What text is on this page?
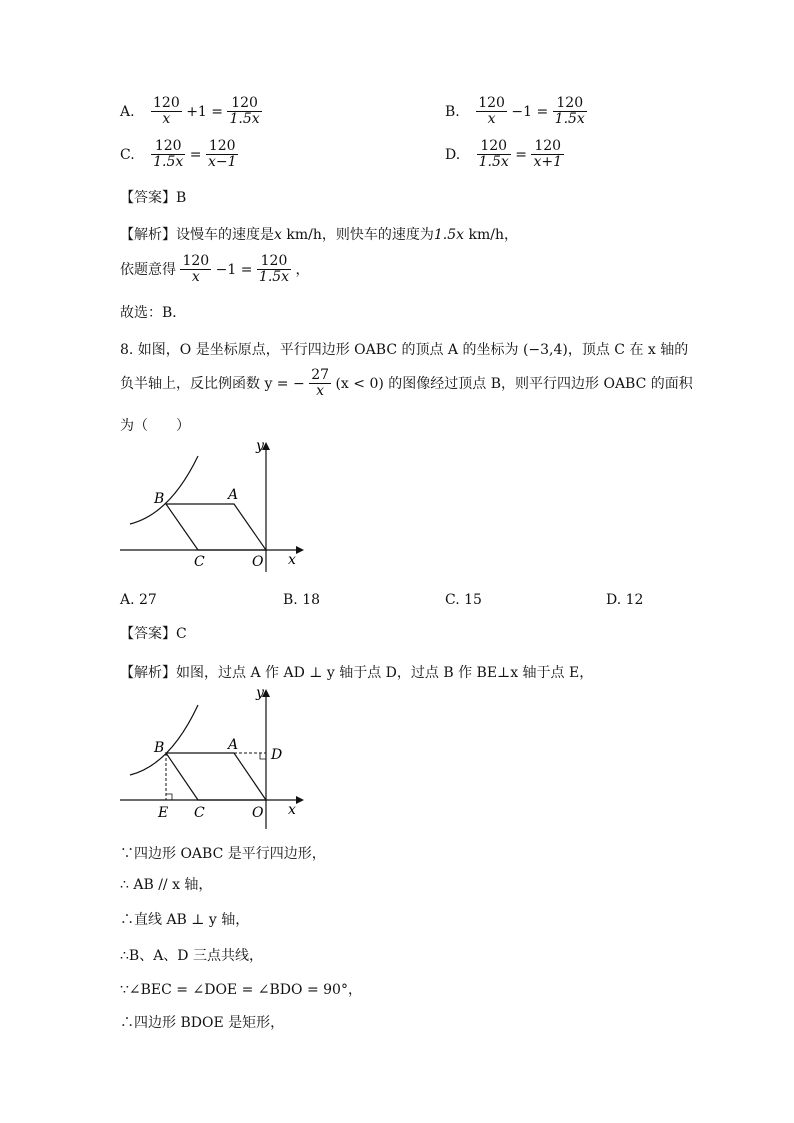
A. $\frac{120}{x} +1 = \frac{120}{1.5x}$	B. $\frac{120}{x} -1 = \frac{120}{1.5x}$
C. $\frac{120}{1.5x} = \frac{120}{x-1}$	D. $\frac{120}{1.5x} = \frac{120}{x+1}$
【答案】B
【解析】设慢车的速度是x km/h，则快车的速度为1.5x km/h，
依题意得 $\frac{120}{x} -1 = \frac{120}{1.5x}$ ，
故选：B．
8. 如图，O 是坐标原点，平行四边形 OABC 的顶点 A 的坐标为 (−3,4)，顶点 C 在 x 轴的
负半轴上，反比例函数 y = − $\frac{27}{x} (x < 0)$ 的图像经过顶点 B，则平行四边形 OABC 的面积
为（　　）
B	A
C	O x
y
A. 27	B. 18	C. 15	D. 12
【答案】C
【解析】如图，过点 A 作 AD ⊥ y 轴于点 D，过点 B 作 BE⊥x 轴于点 E，
B	A
D
E C	O x
y
∵四边形 OABC 是平行四边形，
∴ AB // x 轴，
∴直线 AB ⊥ y 轴，
∴B、A、D 三点共线，
∵∠BEC = ∠DOE = ∠BDO = 90°，
∴四边形 BDOE 是矩形，
